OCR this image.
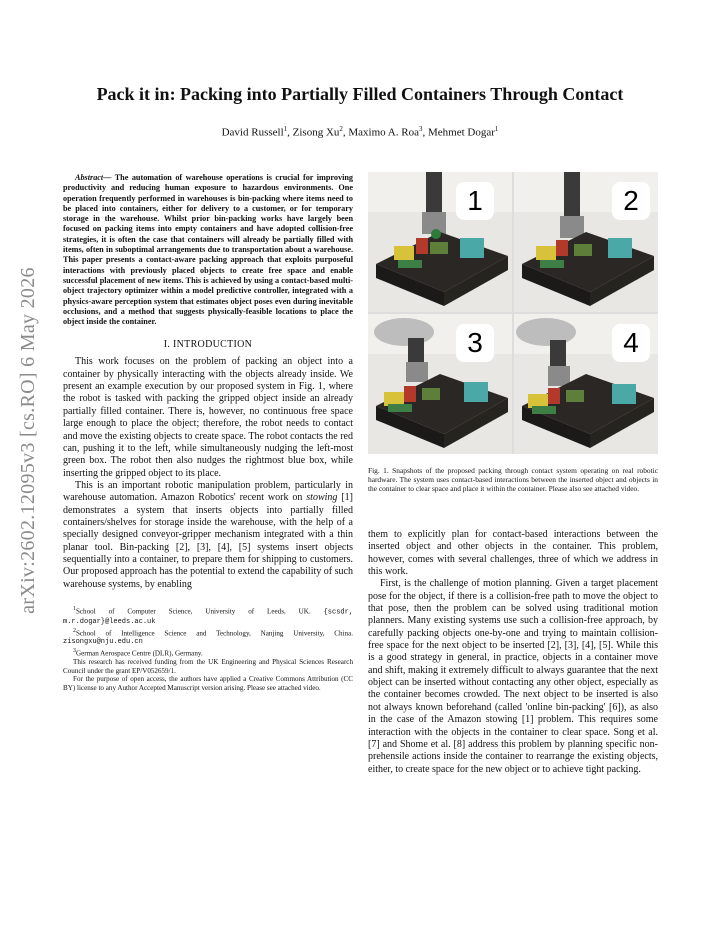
arXiv:2602.12095v3 [cs.RO] 6 May 2026
Pack it in: Packing into Partially Filled Containers Through Contact

David Russell$^1$, Zisong Xu$^2$, Maximo A. Roa$^3$, Mehmet Dogar$^1$

Abstract— The automation of warehouse operations is crucial for improving productivity and reducing human exposure to hazardous environments. One operation frequently performed in warehouses is bin-packing where items need to be placed into containers, either for delivery to a customer, or for temporary storage in the warehouse. Whilst prior bin-packing works have largely been focused on packing items into empty containers and have adopted collision-free strategies, it is often the case that containers will already be partially filled with items, often in suboptimal arrangements due to transportation about a warehouse. This paper presents a contact-aware packing approach that exploits purposeful interactions with previously placed objects to create free space and enable successful placement of new items. This is achieved by using a contact-based multi-object trajectory optimizer within a model predictive controller, integrated with a physics-aware perception system that estimates object poses even during inevitable occlusions, and a method that suggests physically-feasible locations to place the object inside the container.

I. INTRODUCTION

This work focuses on the problem of packing an object into a container by physically interacting with the objects already inside. We present an example execution by our proposed system in Fig. 1, where the robot is tasked with packing the gripped object inside an already partially filled container. There is, however, no continuous free space large enough to place the object; therefore, the robot needs to contact and move the existing objects to create space. The robot contacts the red can, pushing it to the left, while simultaneously nudging the left-most green box. The robot then also nudges the rightmost blue box, while inserting the gripped object to its place.

This is an important robotic manipulation problem, particularly in warehouse automation. Amazon Robotics' recent work on stowing [1] demonstrates a system that inserts objects into partially filled containers/shelves for storage inside the warehouse, with the help of a specially designed conveyor-gripper mechanism integrated with a thin planar tool. Bin-packing [2], [3], [4], [5] systems insert objects sequentially into a container, to prepare them for shipping to customers. Our proposed approach has the potential to extend the capability of such warehouse systems, by enabling

$^1$School of Computer Science, University of Leeds, UK. {scsdr, m.r.dogar}@leeds.ac.uk

$^2$School of Intelligence Science and Technology, Nanjing University, China. zisongxu@nju.edu.cn

$^3$German Aerospace Centre (DLR), Germany.

This research has received funding from the UK Engineering and Physical Sciences Research Council under the grant EP/V052659/1.

For the purpose of open access, the authors have applied a Creative Commons Attribution (CC BY) license to any Author Accepted Manuscript version arising. Please see attached video.

1	2
3	4

Fig. 1. Snapshots of the proposed packing through contact system operating on real robotic hardware. The system uses contact-based interactions between the inserted object and objects in the container to clear space and place it within the container. Please also see attached video.

them to explicitly plan for contact-based interactions between the inserted object and other objects in the container. This problem, however, comes with several challenges, three of which we address in this work.

First, is the challenge of motion planning. Given a target placement pose for the object, if there is a collision-free path to move the object to that pose, then the problem can be solved using traditional motion planners. Many existing systems use such a collision-free approach, by carefully packing objects one-by-one and trying to maintain collision-free space for the next object to be inserted [2], [3], [4], [5]. While this is a good strategy in general, in practice, objects in a container move and shift, making it extremely difficult to always guarantee that the next object can be inserted without contacting any other object, especially as the container becomes crowded. The next object to be inserted is also not always known beforehand (called 'online bin-packing' [6]), as also in the case of the Amazon stowing [1] problem. This requires some interaction with the objects in the container to clear space. Song et al. [7] and Shome et al. [8] address this problem by planning specific non-prehensile actions inside the container to rearrange the existing objects, either, to create space for the new object or to achieve tight packing.
